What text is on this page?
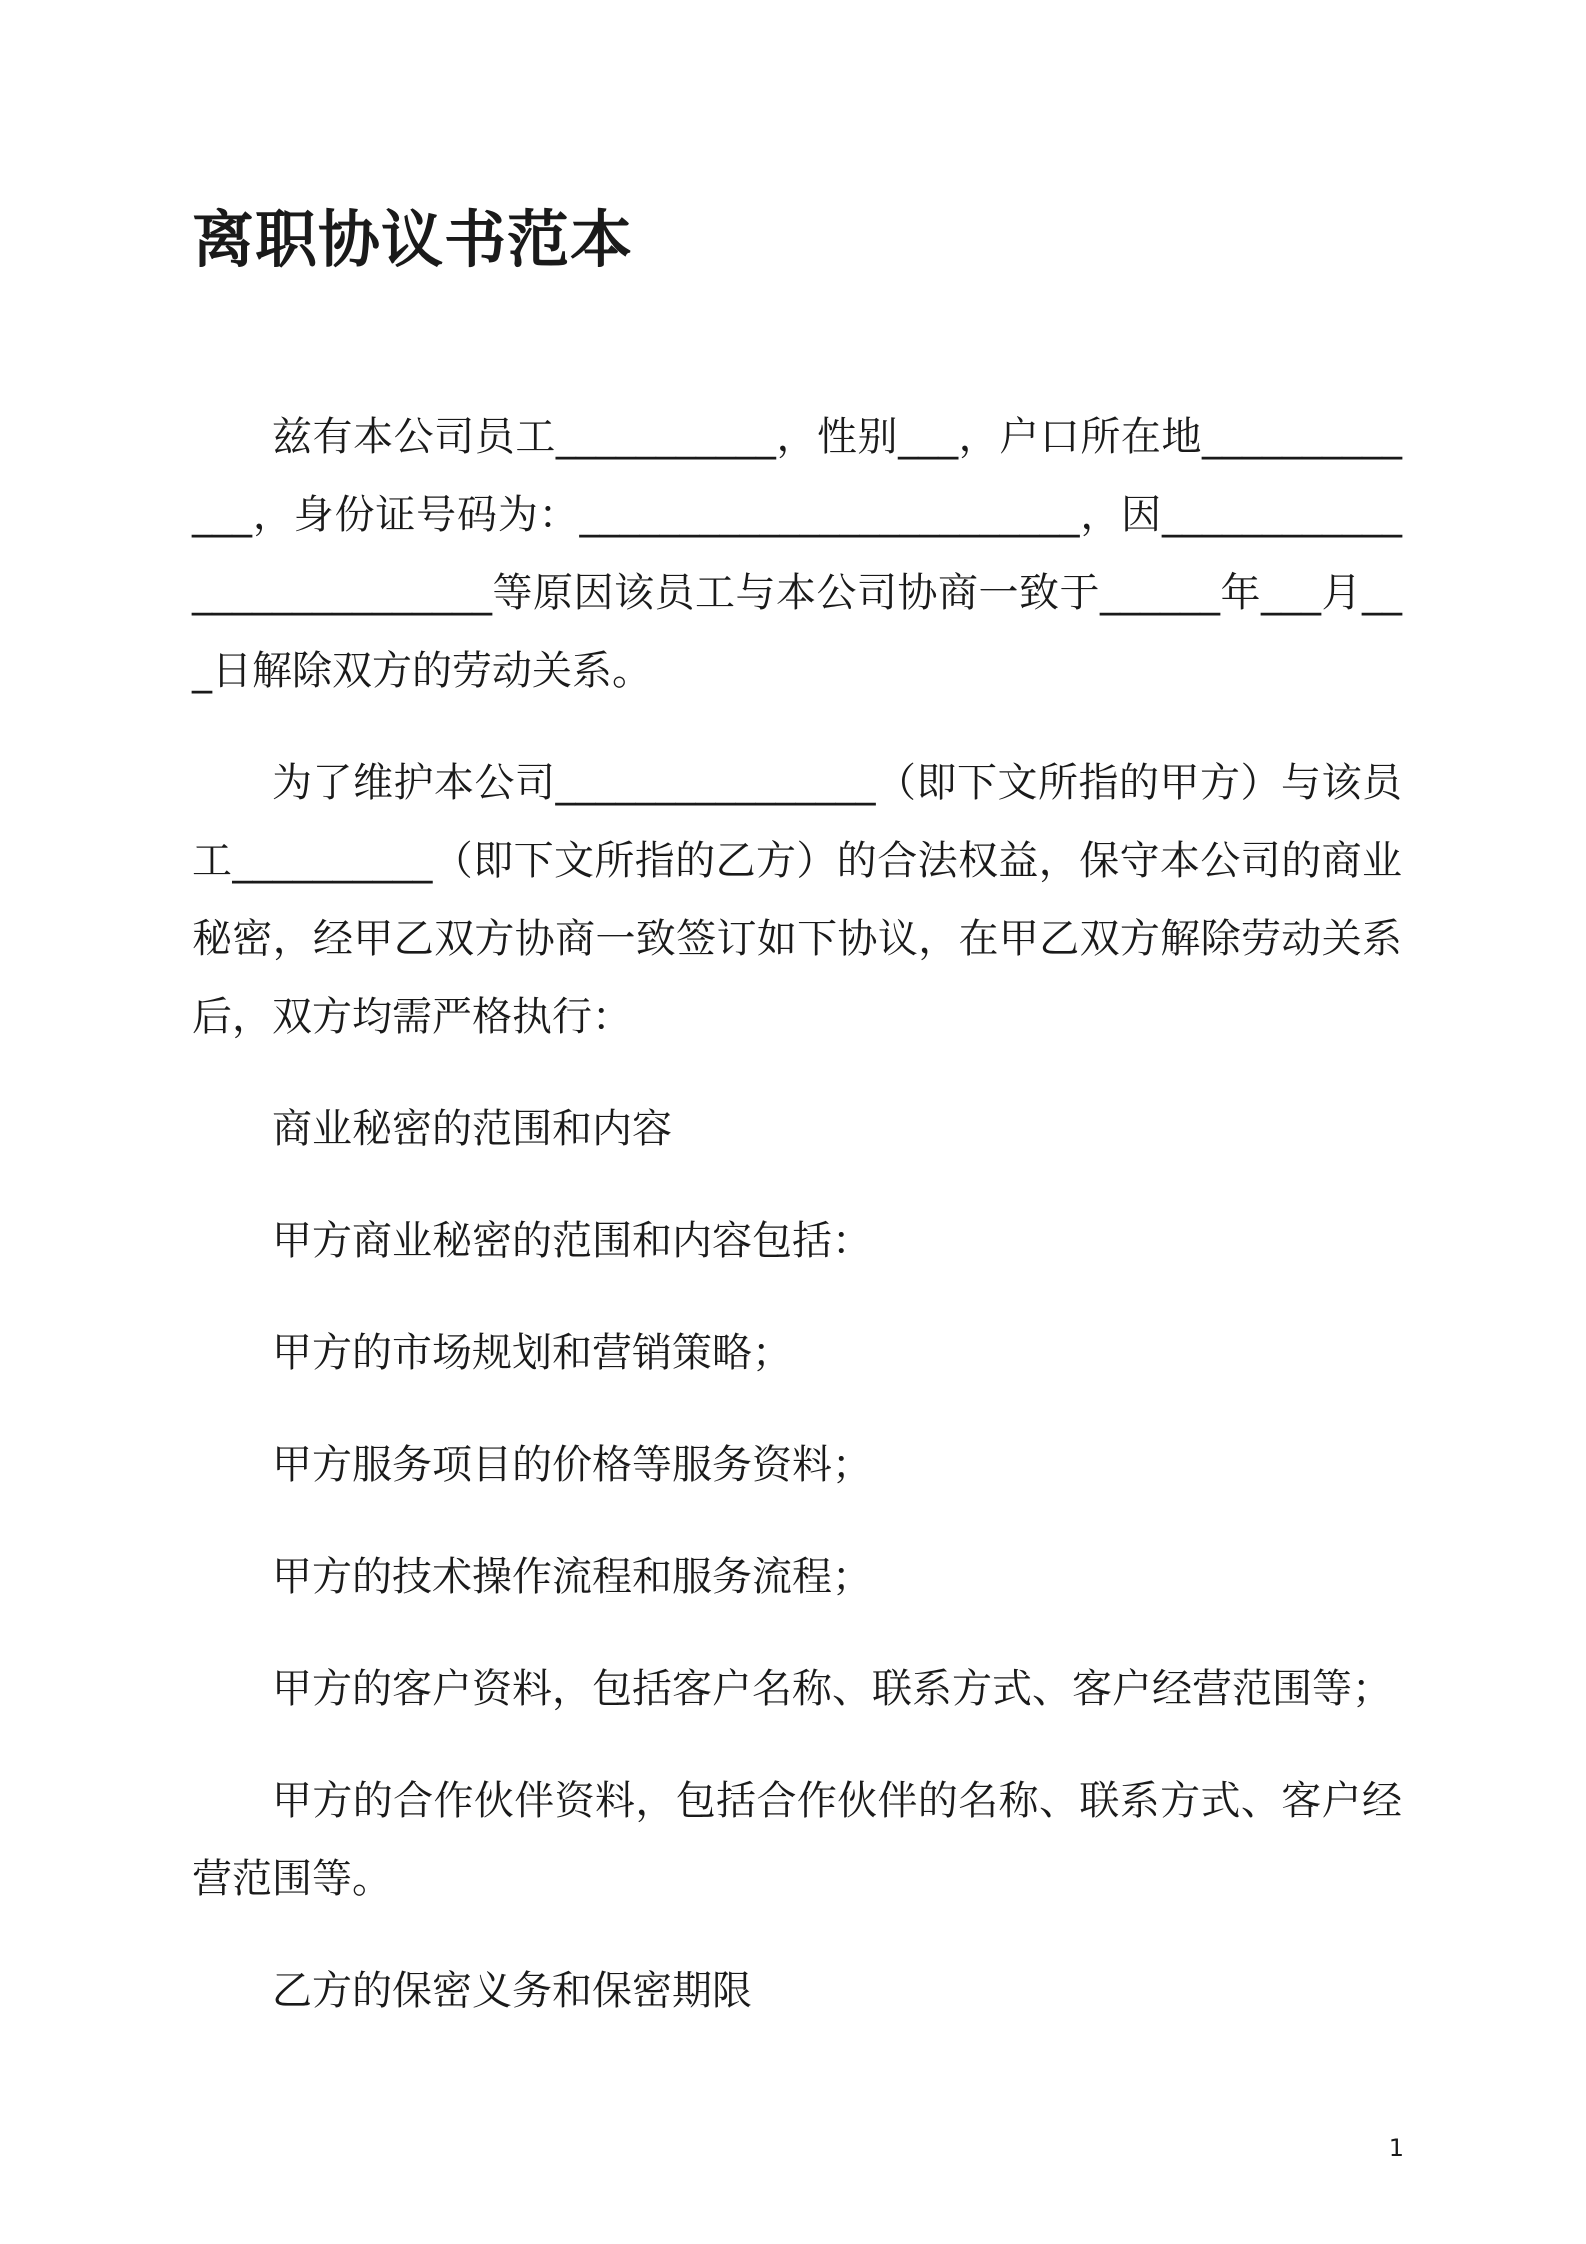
离职协议书范本

兹有本公司员工___________，性别___，户口所在地_____________，身份证号码为：_________________________，因___________________________等原因该员工与本公司协商一致于______年___月___日解除双方的劳动关系。

为了维护本公司________________（即下文所指的甲方）与该员工__________（即下文所指的乙方）的合法权益，保守本公司的商业秘密，经甲乙双方协商一致签订如下协议，在甲乙双方解除劳动关系后，双方均需严格执行：

商业秘密的范围和内容

甲方商业秘密的范围和内容包括：

甲方的市场规划和营销策略；

甲方服务项目的价格等服务资料；

甲方的技术操作流程和服务流程；

甲方的客户资料，包括客户名称、联系方式、客户经营范围等；

甲方的合作伙伴资料，包括合作伙伴的名称、联系方式、客户经营范围等。

乙方的保密义务和保密期限

1
